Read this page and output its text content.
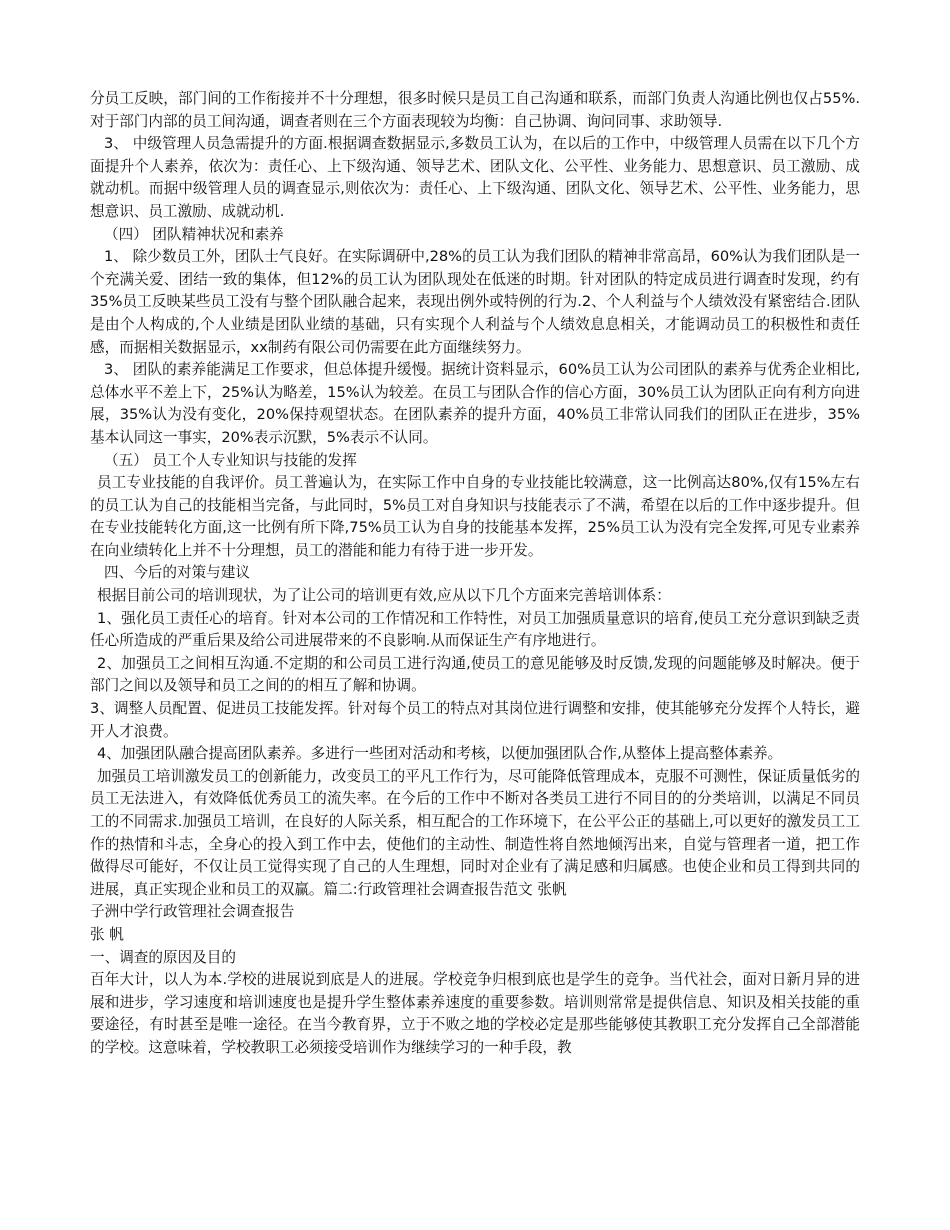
分员工反映，部门间的工作衔接并不十分理想，很多时候只是员工自己沟通和联系，而部门负责人沟通比例也仅占55%.对于部门内部的员工间沟通，调查者则在三个方面表现较为均衡：自己协调、询问同事、求助领导.

3、 中级管理人员急需提升的方面.根据调查数据显示,多数员工认为，在以后的工作中，中级管理人员需在以下几个方面提升个人素养，依次为：责任心、上下级沟通、领导艺术、团队文化、公平性、业务能力、思想意识、员工激励、成就动机。而据中级管理人员的调查显示,则依次为：责任心、上下级沟通、团队文化、领导艺术、公平性、业务能力，思想意识、员工激励、成就动机.

（四） 团队精神状况和素养

1、 除少数员工外，团队士气良好。在实际调研中,28%的员工认为我们团队的精神非常高昂，60%认为我们团队是一个充满关爱、团结一致的集体，但12%的员工认为团队现处在低迷的时期。针对团队的特定成员进行调查时发现，约有35%员工反映某些员工没有与整个团队融合起来，表现出例外或特例的行为.2、个人利益与个人绩效没有紧密结合.团队是由个人构成的,个人业绩是团队业绩的基础，只有实现个人利益与个人绩效息息相关，才能调动员工的积极性和责任感，而据相关数据显示，xx制药有限公司仍需要在此方面继续努力。

3、 团队的素养能满足工作要求，但总体提升缓慢。据统计资料显示，60%员工认为公司团队的素养与优秀企业相比,总体水平不差上下，25%认为略差，15%认为较差。在员工与团队合作的信心方面，30%员工认为团队正向有利方向进展，35%认为没有变化，20%保持观望状态。在团队素养的提升方面，40%员工非常认同我们的团队正在进步，35%基本认同这一事实，20%表示沉默，5%表示不认同。

（五） 员工个人专业知识与技能的发挥

员工专业技能的自我评价。员工普遍认为，在实际工作中自身的专业技能比较满意，这一比例高达80%,仅有15%左右的员工认为自己的技能相当完备，与此同时，5%员工对自身知识与技能表示了不满，希望在以后的工作中逐步提升。但在专业技能转化方面,这一比例有所下降,75%员工认为自身的技能基本发挥，25%员工认为没有完全发挥,可见专业素养在向业绩转化上并不十分理想，员工的潜能和能力有待于进一步开发。

四、今后的对策与建议

根据目前公司的培训现状，为了让公司的培训更有效,应从以下几个方面来完善培训体系：

1、强化员工责任心的培育。针对本公司的工作情况和工作特性，对员工加强质量意识的培育,使员工充分意识到缺乏责任心所造成的严重后果及给公司进展带来的不良影响.从而保证生产有序地进行。

2、加强员工之间相互沟通.不定期的和公司员工进行沟通,使员工的意见能够及时反馈,发现的问题能够及时解决。便于部门之间以及领导和员工之间的的相互了解和协调。

3、调整人员配置、促进员工技能发挥。针对每个员工的特点对其岗位进行调整和安排，使其能够充分发挥个人特长，避开人才浪费。

4、加强团队融合提高团队素养。多进行一些团对活动和考核，以便加强团队合作,从整体上提高整体素养。

加强员工培训激发员工的创新能力，改变员工的平凡工作行为，尽可能降低管理成本，克服不可测性，保证质量低劣的员工无法进入，有效降低优秀员工的流失率。在今后的工作中不断对各类员工进行不同目的的分类培训，以满足不同员工的不同需求.加强员工培训，在良好的人际关系，相互配合的工作环境下，在公平公正的基础上,可以更好的激发员工工作的热情和斗志，全身心的投入到工作中去，使他们的主动性、制造性将自然地倾泻出来，自觉与管理者一道，把工作做得尽可能好，不仅让员工觉得实现了自己的人生理想，同时对企业有了满足感和归属感。也使企业和员工得到共同的进展，真正实现企业和员工的双赢。篇二:行政管理社会调查报告范文 张帆

子洲中学行政管理社会调查报告

张 帆

一、调查的原因及目的

百年大计，以人为本.学校的进展说到底是人的进展。学校竞争归根到底也是学生的竞争。当代社会，面对日新月异的进展和进步，学习速度和培训速度也是提升学生整体素养速度的重要参数。培训则常常是提供信息、知识及相关技能的重要途径，有时甚至是唯一途径。在当今教育界，立于不败之地的学校必定是那些能够使其教职工充分发挥自己全部潜能的学校。这意味着，学校教职工必须接受培训作为继续学习的一种手段，教
